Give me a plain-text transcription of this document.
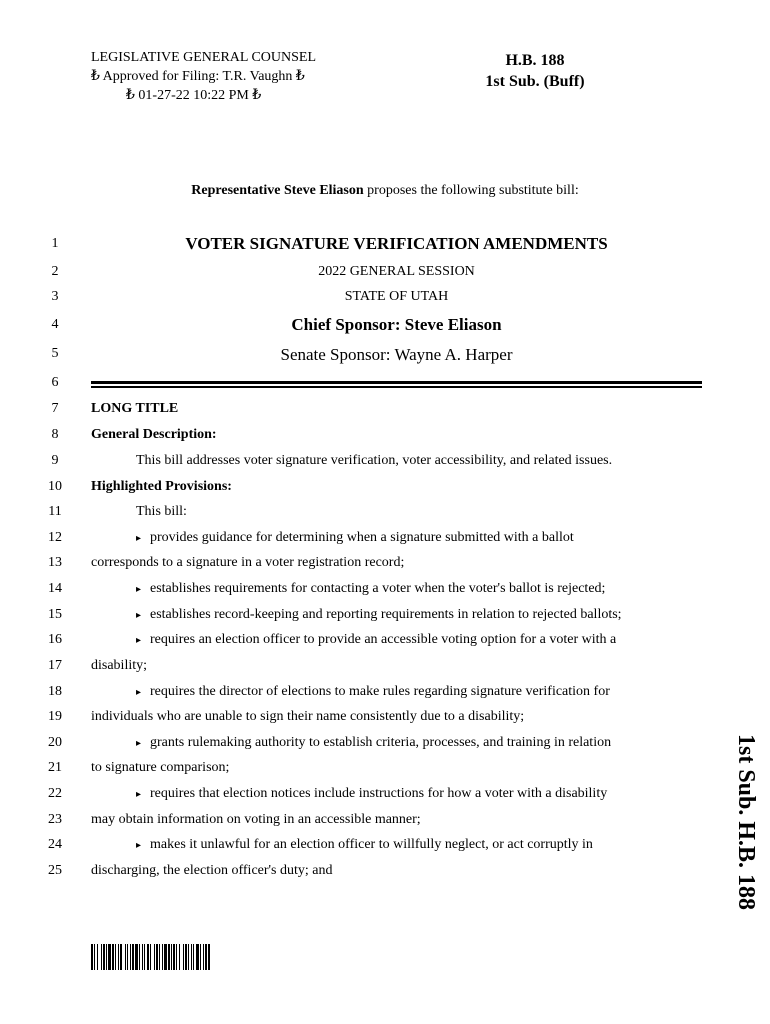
LEGISLATIVE GENERAL COUNSEL
₺ Approved for Filing: T.R. Vaughn ₺
₺ 01-27-22 10:22 PM ₺
H.B. 188
1st Sub. (Buff)
Representative Steve Eliason proposes the following substitute bill:
1
2
3
4
5
6
7
8
9
10
11
12
13
14
15
16
17
18
19
20
21
22
23
24
25
VOTER SIGNATURE VERIFICATION AMENDMENTS
2022 GENERAL SESSION
STATE OF UTAH
Chief Sponsor: Steve Eliason
Senate Sponsor: Wayne A. Harper
LONG TITLE
General Description:
This bill addresses voter signature verification, voter accessibility, and related issues.
Highlighted Provisions:
This bill:
▸ provides guidance for determining when a signature submitted with a ballot
corresponds to a signature in a voter registration record;
▸ establishes requirements for contacting a voter when the voter's ballot is rejected;
▸ establishes record-keeping and reporting requirements in relation to rejected ballots;
▸ requires an election officer to provide an accessible voting option for a voter with a
disability;
▸ requires the director of elections to make rules regarding signature verification for
individuals who are unable to sign their name consistently due to a disability;
▸ grants rulemaking authority to establish criteria, processes, and training in relation
to signature comparison;
▸ requires that election notices include instructions for how a voter with a disability
may obtain information on voting in an accessible manner;
▸ makes it unlawful for an election officer to willfully neglect, or act corruptly in
discharging, the election officer's duty; and	1st Sub. H.B. 188
